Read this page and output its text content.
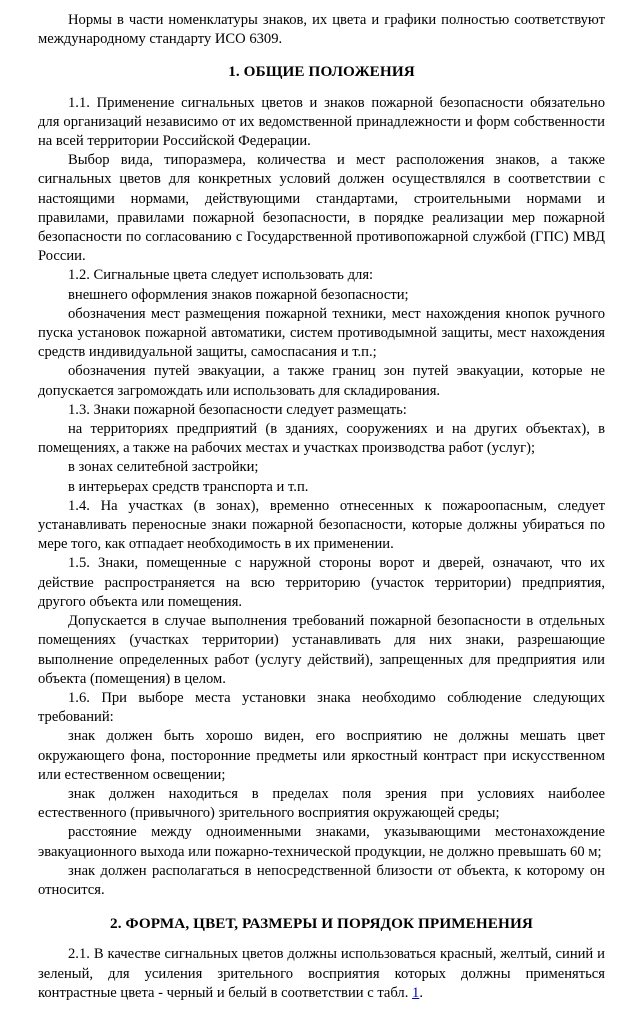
Нормы в части номенклатуры знаков, их цвета и графики полностью соответствуют международному стандарту ИСО 6309.

1. ОБЩИЕ ПОЛОЖЕНИЯ

1.1. Применение сигнальных цветов и знаков пожарной безопасности обязательно для организаций независимо от их ведомственной принадлежности и форм собственности на всей территории Российской Федерации.

Выбор вида, типоразмера, количества и мест расположения знаков, а также сигнальных цветов для конкретных условий должен осуществлялся в соответствии с настоящими нормами, действующими стандартами, строительными нормами и правилами, правилами пожарной безопасности, в порядке реализации мер пожарной безопасности по согласованию с Государственной противопожарной службой (ГПС) МВД России.

1.2. Сигнальные цвета следует использовать для:

внешнего оформления знаков пожарной безопасности;

обозначения мест размещения пожарной техники, мест нахождения кнопок ручного пуска установок пожарной автоматики, систем противодымной защиты, мест нахождения средств индивидуальной защиты, самоспасания и т.п.;

обозначения путей эвакуации, а также границ зон путей эвакуации, которые не допускается загромождать или использовать для складирования.

1.3. Знаки пожарной безопасности следует размещать:

на территориях предприятий (в зданиях, сооружениях и на других объектах), в помещениях, а также на рабочих местах и участках производства работ (услуг);

в зонах селитебной застройки;

в интерьерах средств транспорта и т.п.

1.4. На участках (в зонах), временно отнесенных к пожароопасным, следует устанавливать переносные знаки пожарной безопасности, которые должны убираться по мере того, как отпадает необходимость в их применении.

1.5. Знаки, помещенные с наружной стороны ворот и дверей, означают, что их действие распространяется на всю территорию (участок территории) предприятия, другого объекта или помещения.

Допускается в случае выполнения требований пожарной безопасности в отдельных помещениях (участках территории) устанавливать для них знаки, разрешающие выполнение определенных работ (услугу действий), запрещенных для предприятия или объекта (помещения) в целом.

1.6. При выборе места установки знака необходимо соблюдение следующих требований:

знак должен быть хорошо виден, его восприятию не должны мешать цвет окружающего фона, посторонние предметы или яркостный контраст при искусственном или естественном освещении;

знак должен находиться в пределах поля зрения при условиях наиболее естественного (привычного) зрительного восприятия окружающей среды;

расстояние между одноименными знаками, указывающими местонахождение эвакуационного выхода или пожарно-технической продукции, не должно превышать 60 м;

знак должен располагаться в непосредственной близости от объекта, к которому он относится.

2. ФОРМА, ЦВЕТ, РАЗМЕРЫ И ПОРЯДОК ПРИМЕНЕНИЯ

2.1. В качестве сигнальных цветов должны использоваться красный, желтый, синий и зеленый, для усиления зрительного восприятия которых должны применяться контрастные цвета - черный и белый в соответствии с табл. 1.
